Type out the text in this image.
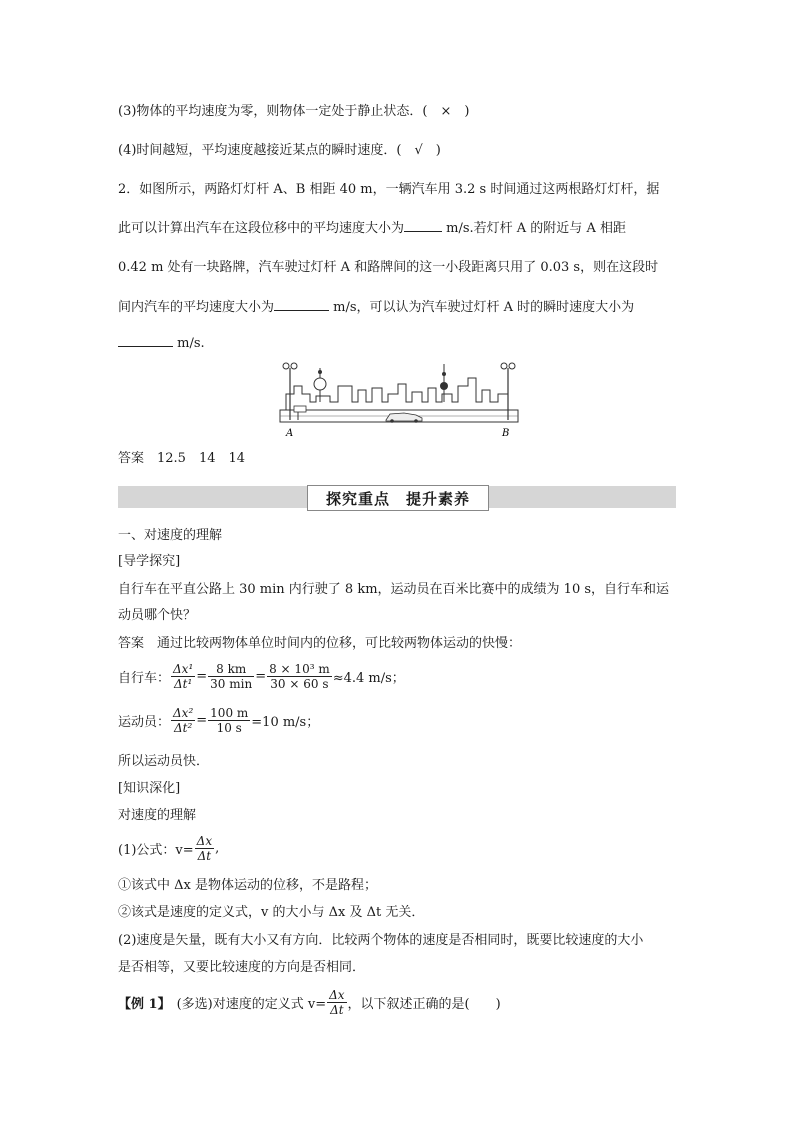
(3)物体的平均速度为零，则物体一定处于静止状态．(　×　)
(4)时间越短，平均速度越接近某点的瞬时速度．(　√　)
2．如图所示，两路灯灯杆 A、B 相距 40 m，一辆汽车用 3.2 s 时间通过这两根路灯灯杆，据
此可以计算出汽车在这段位移中的平均速度大小为	m/s.若灯杆 A 的附近与 A 相距
0.42 m 处有一块路牌，汽车驶过灯杆 A 和路牌间的这一小段距离只用了 0.03 s，则在这段时
间内汽车的平均速度大小为	m/s，可以认为汽车驶过灯杆 A 时的瞬时速度大小为
m/s.
A	B
答案　12.5　14　14
探究重点 提升素养
一、对速度的理解
[导学探究]
自行车在平直公路上 30 min 内行驶了 8 km，运动员在百米比赛中的成绩为 10 s，自行车和运
动员哪个快？
答案　通过比较两物体单位时间内的位移，可比较两物体运动的快慢：
自行车： $\frac{\text{Δx¹}}{\text{Δt¹}} = \frac{8 km}{30 \min} = \frac{\text{8 × 10³ m}}{30 \times 60 s} \approx 4.4$ m/s；
运动员： $\frac{\text{Δx²}}{\text{Δt²}} = \frac{100 m}{10 s} =10$ m/s；
所以运动员快．
[知识深化]
对速度的理解
(1)公式：$v= \frac{\Delta x}{\Delta t}$ ,
①该式中 Δx 是物体运动的位移，不是路程；
②该式是速度的定义式，v 的大小与 Δx 及 Δt 无关．
(2)速度是矢量，既有大小又有方向．比较两个物体的速度是否相同时，既要比较速度的大小
是否相等，又要比较速度的方向是否相同．
【例 1】 (多选)对速度的定义式 $v= \frac{\Delta x}{\Delta t}$ ，以下叙述正确的是(　　)
